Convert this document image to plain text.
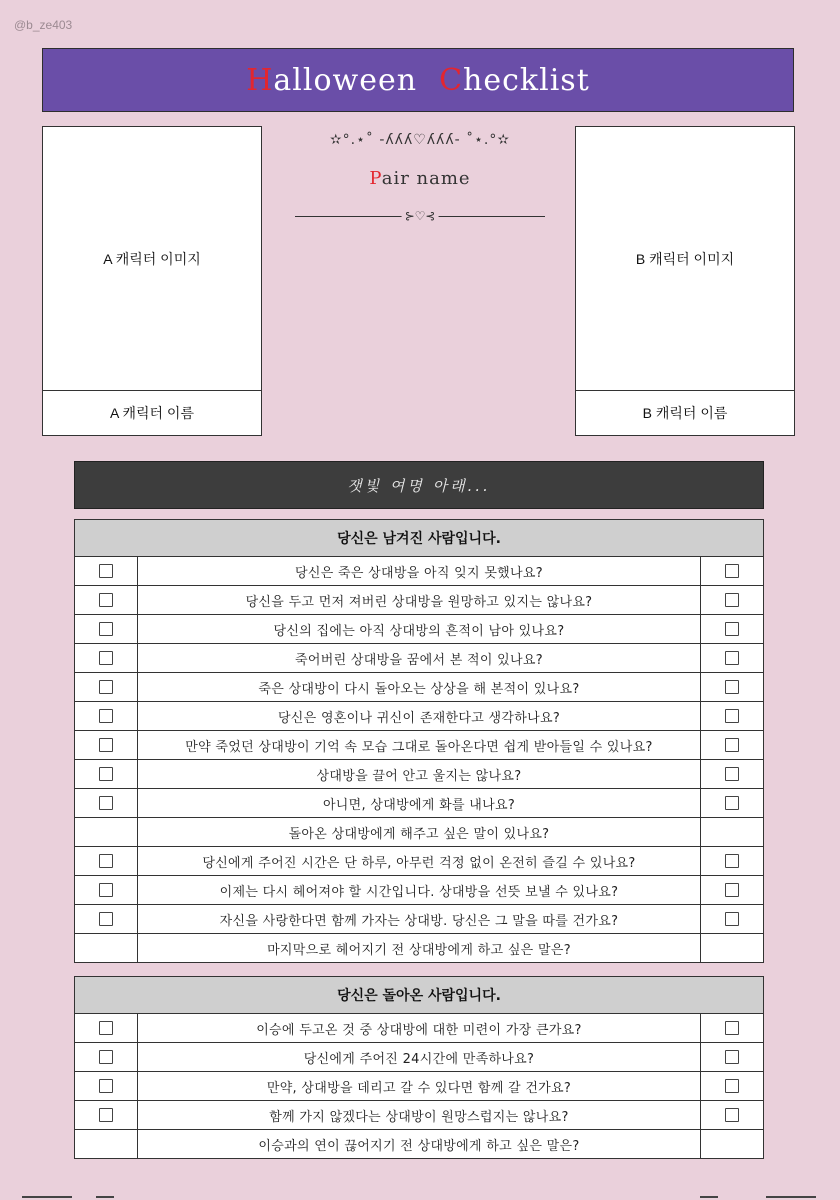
@b_ze403
H alloween C hecklist
A 캐릭터 이미지
A 캐릭터 이름
B 캐릭터 이미지
B 캐릭터 이름
✫°.⋆˚ -ʎʎʎ♡ʎʎʎ- ˚⋆.°✫
Pair name
⊱♡⊰
잿빛 여명 아래...
당신은 남겨진 사람입니다.		
	당신은 죽은 상대방을 아직 잊지 못했나요?	
	당신을 두고 먼저 져버린 상대방을 원망하고 있지는 않나요?	
	당신의 집에는 아직 상대방의 흔적이 남아 있나요?	
	죽어버린 상대방을 꿈에서 본 적이 있나요?	
	죽은 상대방이 다시 돌아오는 상상을 해 본적이 있나요?	
	당신은 영혼이나 귀신이 존재한다고 생각하나요?	
	만약 죽었던 상대방이 기억 속 모습 그대로 돌아온다면 쉽게 받아들일 수 있나요?	
	상대방을 끌어 안고 울지는 않나요?	
	아니면, 상대방에게 화를 내나요?	
	돌아온 상대방에게 해주고 싶은 말이 있나요?	
	당신에게 주어진 시간은 단 하루, 아무런 걱정 없이 온전히 즐길 수 있나요?	
	이제는 다시 헤어져야 할 시간입니다. 상대방을 선뜻 보낼 수 있나요?	
	자신을 사랑한다면 함께 가자는 상대방. 당신은 그 말을 따를 건가요?	
	마지막으로 헤어지기 전 상대방에게 하고 싶은 말은?	
당신은 돌아온 사람입니다.		
	이승에 두고온 것 중 상대방에 대한 미련이 가장 큰가요?	
	당신에게 주어진 24시간에 만족하나요?	
	만약, 상대방을 데리고 갈 수 있다면 함께 갈 건가요?	
	함께 가지 않겠다는 상대방이 원망스럽지는 않나요?	
	이승과의 연이 끊어지기 전 상대방에게 하고 싶은 말은?	
